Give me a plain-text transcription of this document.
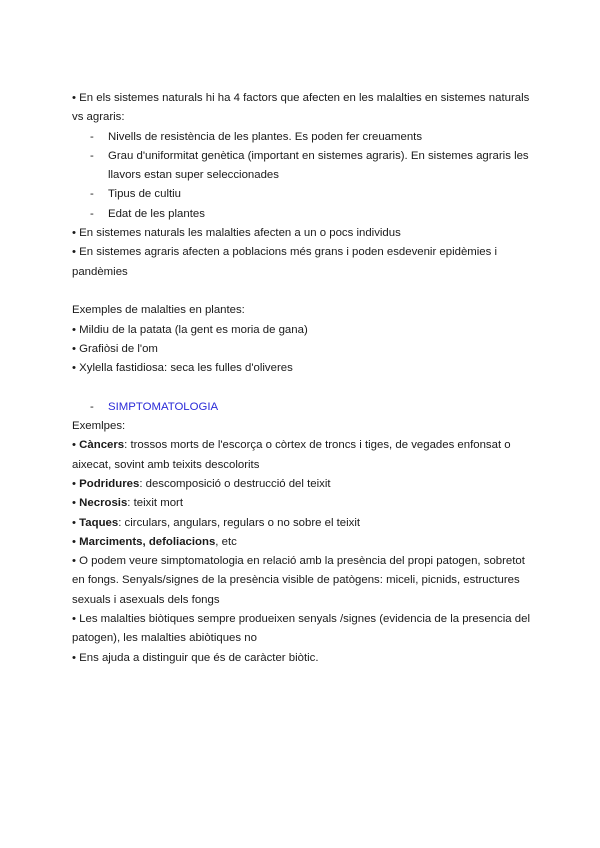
• En els sistemes naturals hi ha 4 factors que afecten en les malalties en sistemes naturals
vs agraris:
- Nivells de resistència de les plantes. Es poden fer creuaments
- Grau d'uniformitat genètica (important en sistemes agraris). En sistemes agraris les
llavors estan super seleccionades
- Tipus de cultiu
- Edat de les plantes
• En sistemes naturals les malalties afecten a un o pocs individus
• En sistemes agraris afecten a poblacions més grans i poden esdevenir epidèmies i
pandèmies
Exemples de malalties en plantes:
• Mildiu de la patata (la gent es moria de gana)
• Grafiòsi de l'om
• Xylella fastidiosa: seca les fulles d'oliveres
- SIMPTOMATOLOGIA
Exemlpes:
• Càncers: trossos morts de l'escorça o còrtex de troncs i tiges, de vegades enfonsat o
aixecat, sovint amb teixits descolorits
• Podridures: descomposició o destrucció del teixit
• Necrosis: teixit mort
• Taques: circulars, angulars, regulars o no sobre el teixit
• Marciments, defoliacions, etc
• O podem veure simptomatologia en relació amb la presència del propi patogen, sobretot
en fongs. Senyals/signes de la presència visible de patògens: miceli, picnids, estructures
sexuals i asexuals dels fongs
• Les malalties biòtiques sempre produeixen senyals /signes (evidencia de la presencia del
patogen), les malalties abiòtiques no
• Ens ajuda a distinguir que és de caràcter biòtic.
